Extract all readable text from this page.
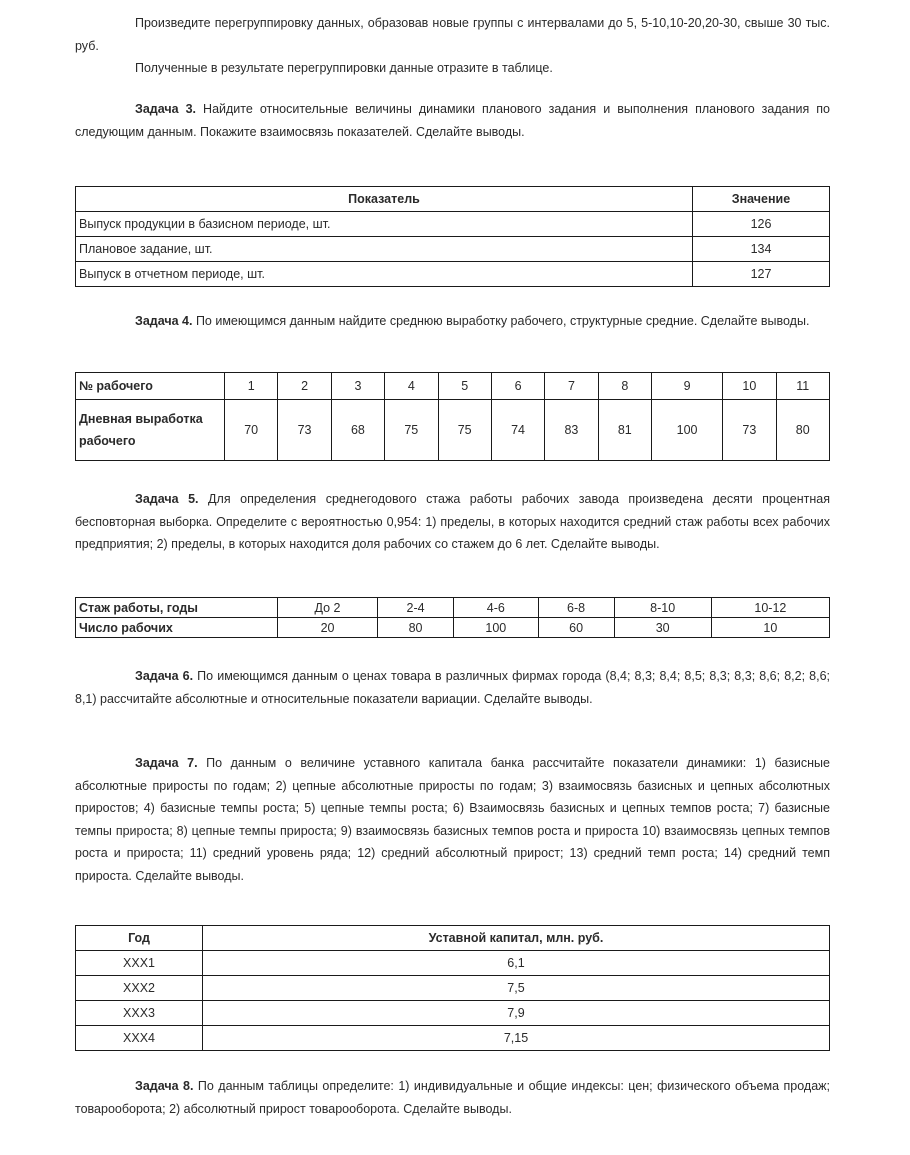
Произведите перегруппировку данных, образовав новые группы с интервалами до 5, 5-10,10-20,20-30, свыше 30 тыс. руб.

Полученные в результате перегруппировки данные отразите в таблице.

Задача 3. Найдите относительные величины динамики планового задания и выполнения планового задания по следующим данным. Покажите взаимосвязь показателей. Сделайте выводы.

Показатель	Значение
Выпуск продукции в базисном периоде, шт.	126
Плановое задание, шт.	134
Выпуск в отчетном периоде, шт.	127

Задача 4. По имеющимся данным найдите среднюю выработку рабочего, структурные средние. Сделайте выводы.

№ рабочего	1	2	3	4	5	6	7	8	9	10	11
Дневная выработка рабочего	70	73	68	75	75	74	83	81	100	73	80

Задача 5. Для определения среднегодового стажа работы рабочих завода произведена десяти процентная бесповторная выборка. Определите с вероятностью 0,954: 1) пределы, в которых находится средний стаж работы всех рабочих предприятия; 2) пределы, в которых находится доля рабочих со стажем до 6 лет. Сделайте выводы.

Стаж работы, годы	До 2	2-4	4-6	6-8	8-10	10-12
Число рабочих	20	80	100	60	30	10

Задача 6. По имеющимся данным о ценах товара в различных фирмах города (8,4; 8,3; 8,4; 8,5; 8,3; 8,3; 8,6; 8,2; 8,6; 8,1) рассчитайте абсолютные и относительные показатели вариации. Сделайте выводы.

Задача 7. По данным о величине уставного капитала банка рассчитайте показатели динамики: 1) базисные абсолютные приросты по годам; 2) цепные абсолютные приросты по годам; 3) взаимосвязь базисных и цепных абсолютных приростов; 4) базисные темпы роста; 5) цепные темпы роста; 6) Взаимосвязь базисных и цепных темпов роста; 7) базисные темпы прироста; 8) цепные темпы прироста; 9) взаимосвязь базисных темпов роста и прироста 10) взаимосвязь цепных темпов роста и прироста; 11) средний уровень ряда; 12) средний абсолютный прирост; 13) средний темп роста; 14) средний темп прироста. Сделайте выводы.

Год	Уставной капитал, млн. руб.
XXX1	6,1
XXX2	7,5
XXX3	7,9
XXX4	7,15

Задача 8. По данным таблицы определите: 1) индивидуальные и общие индексы: цен; физического объема продаж; товарооборота; 2) абсолютный прирост товарооборота. Сделайте выводы.
